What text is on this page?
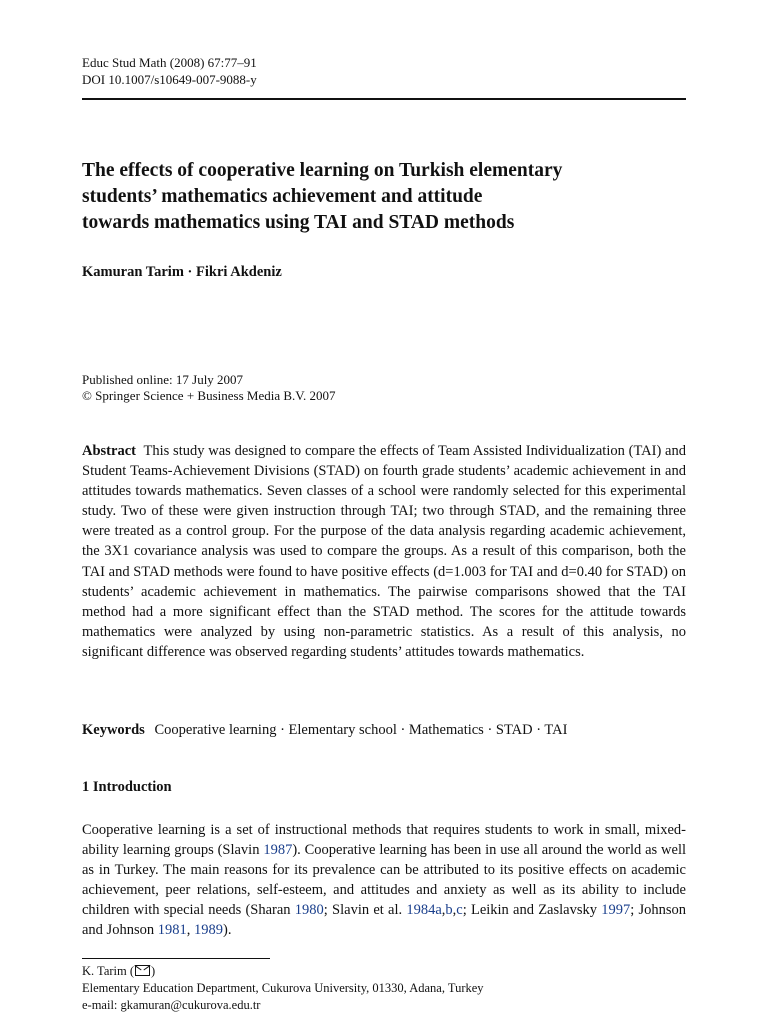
Educ Stud Math (2008) 67:77–91
DOI 10.1007/s10649-007-9088-y
The effects of cooperative learning on Turkish elementary
students’ mathematics achievement and attitude
towards mathematics using TAI and STAD methods
Kamuran Tarim · Fikri Akdeniz
Published online: 17 July 2007
© Springer Science + Business Media B.V. 2007
Abstract This study was designed to compare the effects of Team Assisted Individualization (TAI) and Student Teams-Achievement Divisions (STAD) on fourth grade students’ academic achievement in and attitudes towards mathematics. Seven classes of a school were randomly selected for this experimental study. Two of these were given instruction through TAI; two through STAD, and the remaining three were treated as a control group. For the purpose of the data analysis regarding academic achievement, the 3X1 covariance analysis was used to compare the groups. As a result of this comparison, both the TAI and STAD methods were found to have positive effects (d=1.003 for TAI and d=0.40 for STAD) on students’ academic achievement in mathematics. The pairwise comparisons showed that the TAI method had a more significant effect than the STAD method. The scores for the attitude towards mathematics were analyzed by using non-parametric statistics. As a result of this analysis, no significant difference was observed regarding students’ attitudes towards mathematics.
Keywords Cooperative learning · Elementary school · Mathematics · STAD · TAI
1 Introduction
Cooperative learning is a set of instructional methods that requires students to work in small, mixed-ability learning groups (Slavin 1987). Cooperative learning has been in use all around the world as well as in Turkey. The main reasons for its prevalence can be attributed to its positive effects on academic achievement, peer relations, self-esteem, and attitudes and anxiety as well as its ability to include children with special needs (Sharan 1980; Slavin et al. 1984a,b,c; Leikin and Zaslavsky 1997; Johnson and Johnson 1981, 1989).
K. Tarim ( )
Elementary Education Department, Cukurova University, 01330, Adana, Turkey
e-mail: gkamuran@cukurova.edu.tr
